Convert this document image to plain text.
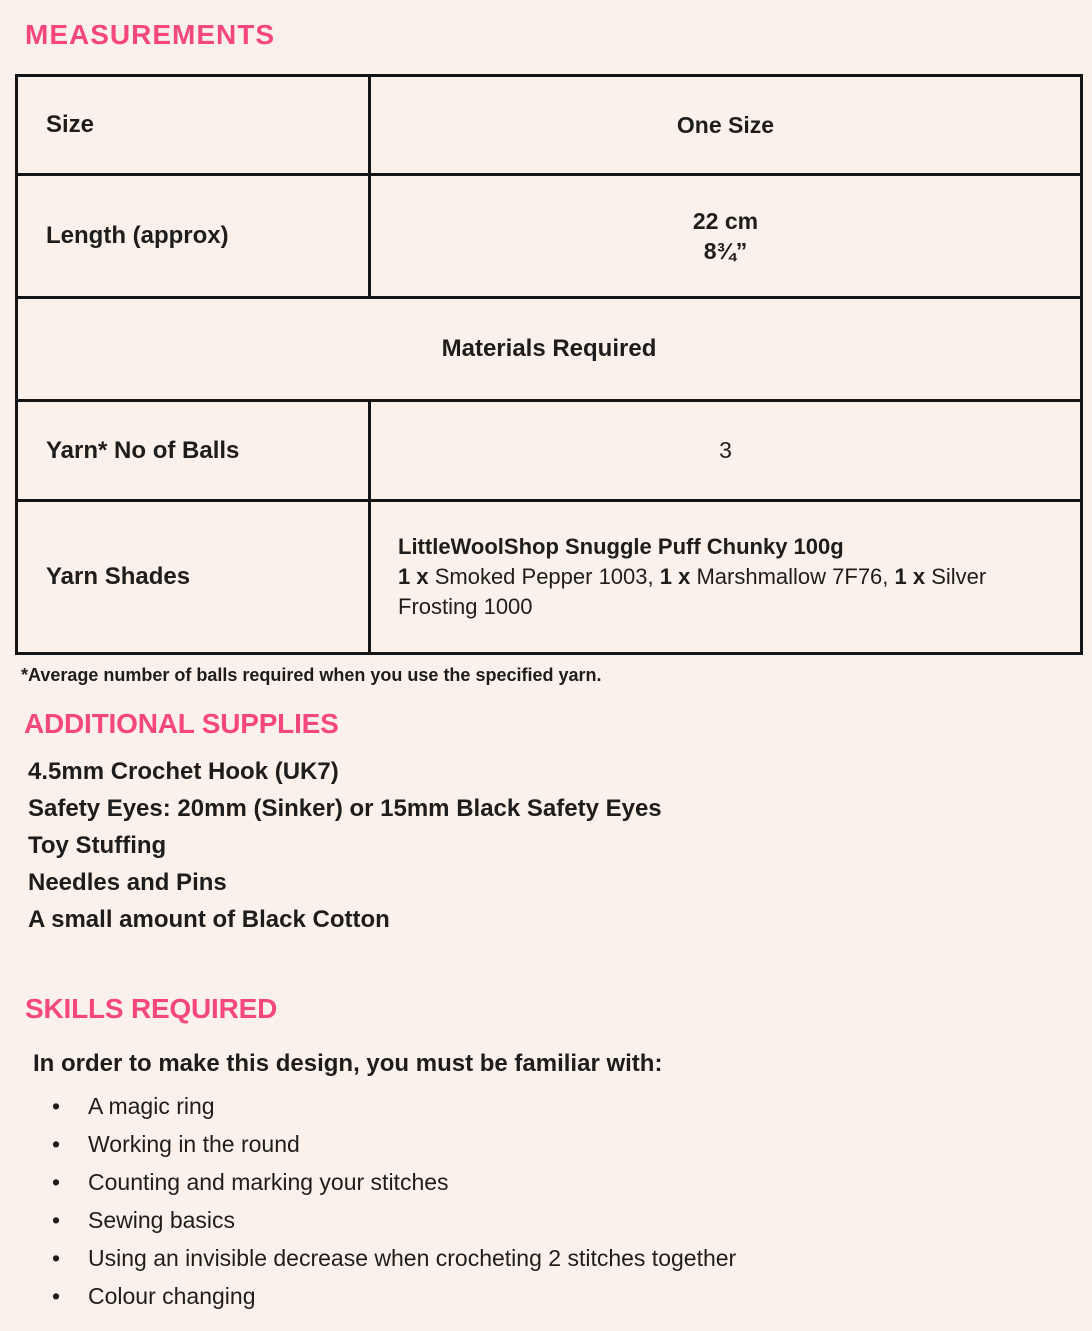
MEASUREMENTS
Size	One Size
Length (approx)	22 cm
8¾”

Materials Required	
Yarn* No of Balls	3
Yarn Shades	LittleWoolShop Snuggle Puff Chunky 100g
1 x Smoked Pepper 1003, 1 x Marshmallow 7F76, 1 x Silver Frosting 1000

*Average number of balls required when you use the specified yarn.

ADDITIONAL SUPPLIES
4.5mm Crochet Hook (UK7)
Safety Eyes: 20mm (Sinker) or 15mm Black Safety Eyes
Toy Stuffing
Needles and Pins
A small amount of Black Cotton
SKILLS REQUIRED

In order to make this design, you must be familiar with:

• A magic ring
• Working in the round
• Counting and marking your stitches
• Sewing basics
• Using an invisible decrease when crocheting 2 stitches together
• Colour changing
